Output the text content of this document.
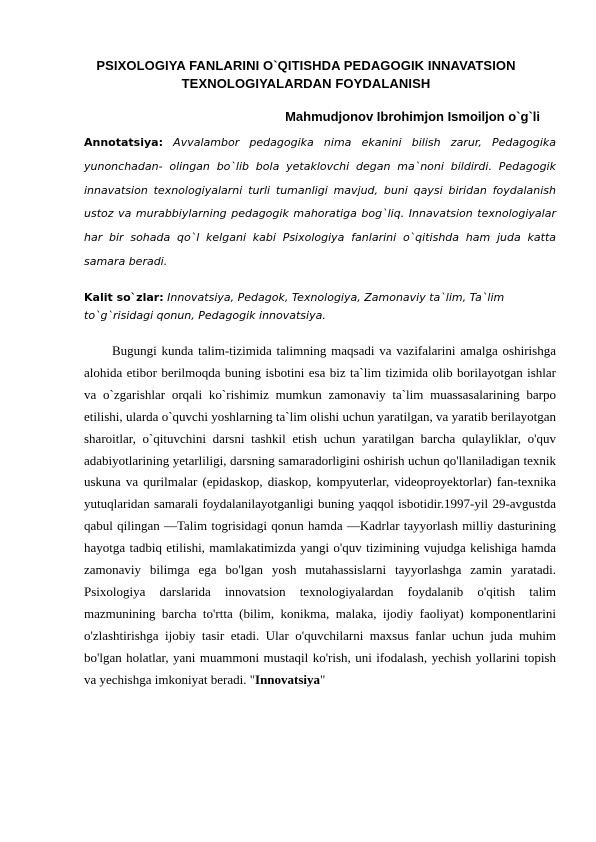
PSIXOLOGIYA FANLARINI O`QITISHDA PEDAGOGIK INNAVATSION TEXNOLOGIYALARDAN FOYDALANISH
Mahmudjonov Ibrohimjon Ismoiljon o`g`li
Annotatsiya: Avvalambor pedagogika nima ekanini bilish zarur, Pedagogika yunonchadan- olingan bo`lib bola yetaklovchi degan ma`noni bildirdi. Pedagogik innavatsion texnologiyalarni turli tumanligi mavjud, buni qaysi biridan foydalanish ustoz va murabbiylarning pedagogik mahoratiga bog`liq. Innavatsion texnologiyalar har bir sohada qo`l kelgani kabi Psixologiya fanlarini o`qitishda ham juda katta samara beradi.
Kalit so`zlar: Innovatsiya, Pedagok, Texnologiya, Zamonaviy ta`lim, Ta`lim to`g`risidagi qonun, Pedagogik innovatsiya.

Bugungi kunda talim-tizimida talimning maqsadi va vazifalarini amalga oshirishga alohida etibor berilmoqda buning isbotini esa biz ta`lim tizimida olib borilayotgan ishlar va o`zgarishlar orqali ko`rishimiz mumkun zamonaviy ta`lim muassasalarining barpo etilishi, ularda o`quvchi yoshlarning ta`lim olishi uchun yaratilgan, va yaratib berilayotgan sharoitlar, o`qituvchini darsni tashkil etish uchun yaratilgan barcha qulayliklar, o'quv adabiyotlarining yetarliligi, darsning samaradorligini oshirish uchun qo'llaniladigan texnik uskuna va qurilmalar (epidaskop, diaskop, kompyuterlar, videoproyektorlar) fan-texnika yutuqlaridan samarali foydalanilayotganligi buning yaqqol isbotidir.1997-yil 29-avgustda qabul qilingan ―Talim togrisidagi qonun hamda ―Kadrlar tayyorlash milliy dasturining hayotga tadbiq etilishi, mamlakatimizda yangi o'quv tizimining vujudga kelishiga hamda zamonaviy bilimga ega bo'lgan yosh mutahassislarni tayyorlashga zamin yaratadi. Psixologiya darslarida innovatsion texnologiyalardan foydalanib o'qitish talim mazmunining barcha to'rtta (bilim, konikma, malaka, ijodiy faoliyat) komponentlarini o'zlashtirishga ijobiy tasir etadi. Ular o'quvchilarni maxsus fanlar uchun juda muhim bo'lgan holatlar, yani muammoni mustaqil ko'rish, uni ifodalash, yechish yollarini topish va yechishga imkoniyat beradi. "Innovatsiya"
